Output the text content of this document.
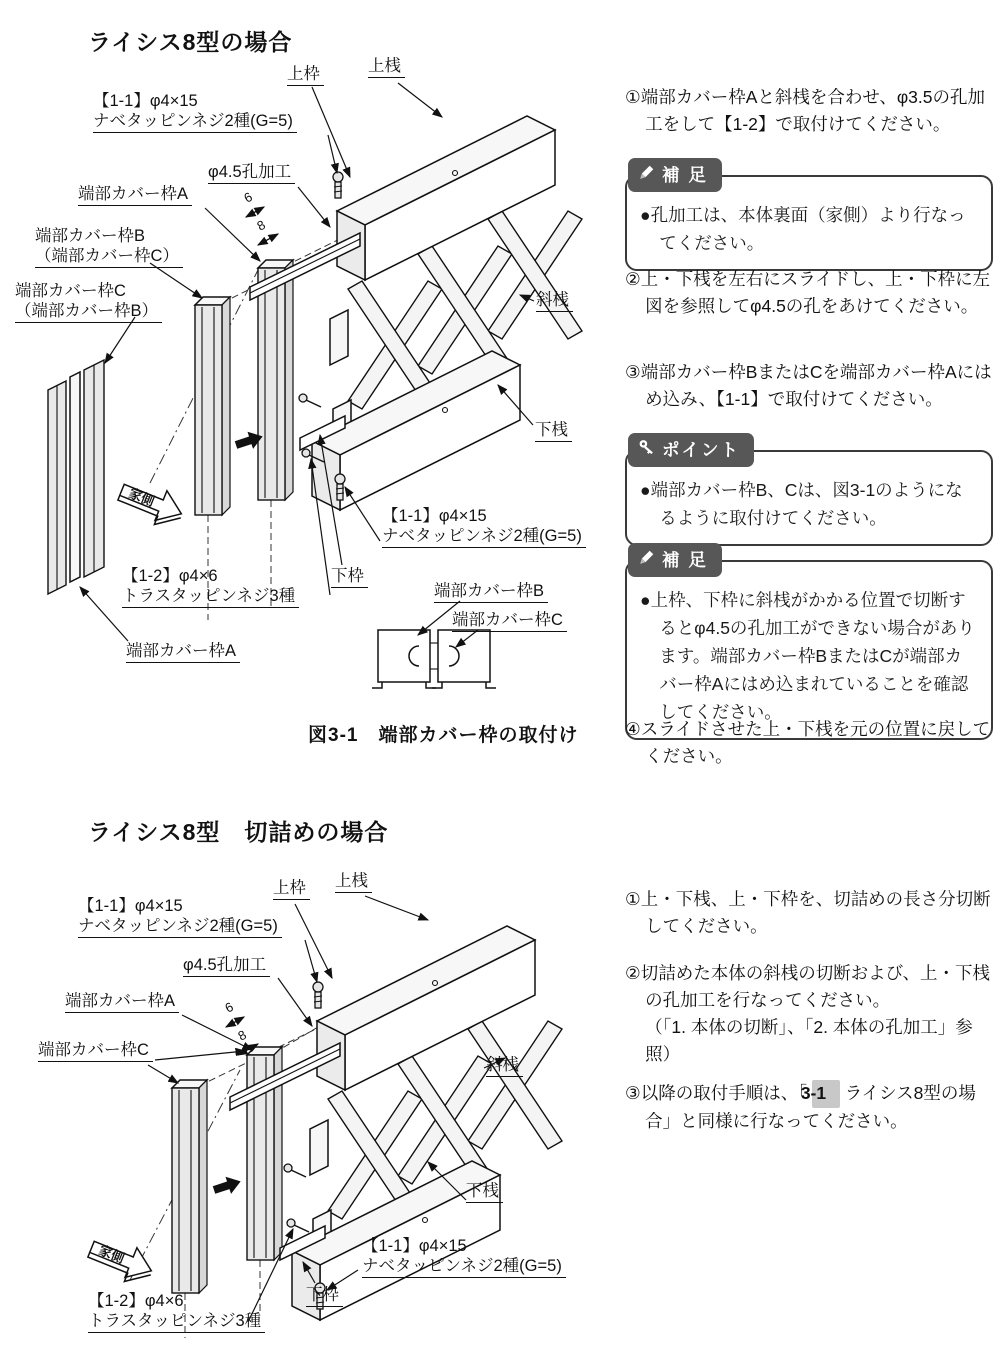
ライシス8型の場合
家側
6
8
上枠	上桟
【1-1】φ4×15
ナベタッピンネジ2種(G=5)
φ4.5孔加工
端部カバー枠A
端部カバー枠B
（端部カバー枠C）
端部カバー枠C
（端部カバー枠B）
斜桟
下桟
【1-1】φ4×15
ナベタッピンネジ2種(G=5)
下枠
【1-2】φ4×6
トラスタッピンネジ3種
端部カバー枠A
端部カバー枠B
端部カバー枠C
図3-1　端部カバー枠の取付け
①端部カバー枠Aと斜桟を合わせ、φ3.5の孔加工をして【1-2】で取付けてください。
補 足
●孔加工は、本体裏面（家側）より行なってください。
②上・下桟を左右にスライドし、上・下枠に左図を参照してφ4.5の孔をあけてください。
③端部カバー枠BまたはCを端部カバー枠Aにはめ込み、【1-1】で取付けてください。
ポイント
●端部カバー枠B、Cは、図3-1のようになるように取付けてください。
補 足
●上枠、下枠に斜桟がかかる位置で切断するとφ4.5の孔加工ができない場合があります。端部カバー枠BまたはCが端部カバー枠Aにはめ込まれていることを確認してください。
④スライドさせた上・下桟を元の位置に戻してください。
ライシス8型　切詰めの場合
家側
6
8
上枠 上桟
【1-1】φ4×15
ナベタッピンネジ2種(G=5)
φ4.5孔加工
端部カバー枠A
端部カバー枠C
斜桟
下桟
【1-1】φ4×15
ナベタッピンネジ2種(G=5)
下枠
【1-2】φ4×6
トラスタッピンネジ3種
①上・下桟、上・下枠を、切詰めの長さ分切断してください。
②切詰めた本体の斜桟の切断および、上・下桟の孔加工を行なってください。
（「1. 本体の切断」、「2. 本体の孔加工」参照）
③以降の取付手順は、「3-1 ライシス8型の場合」と同様に行なってください。
